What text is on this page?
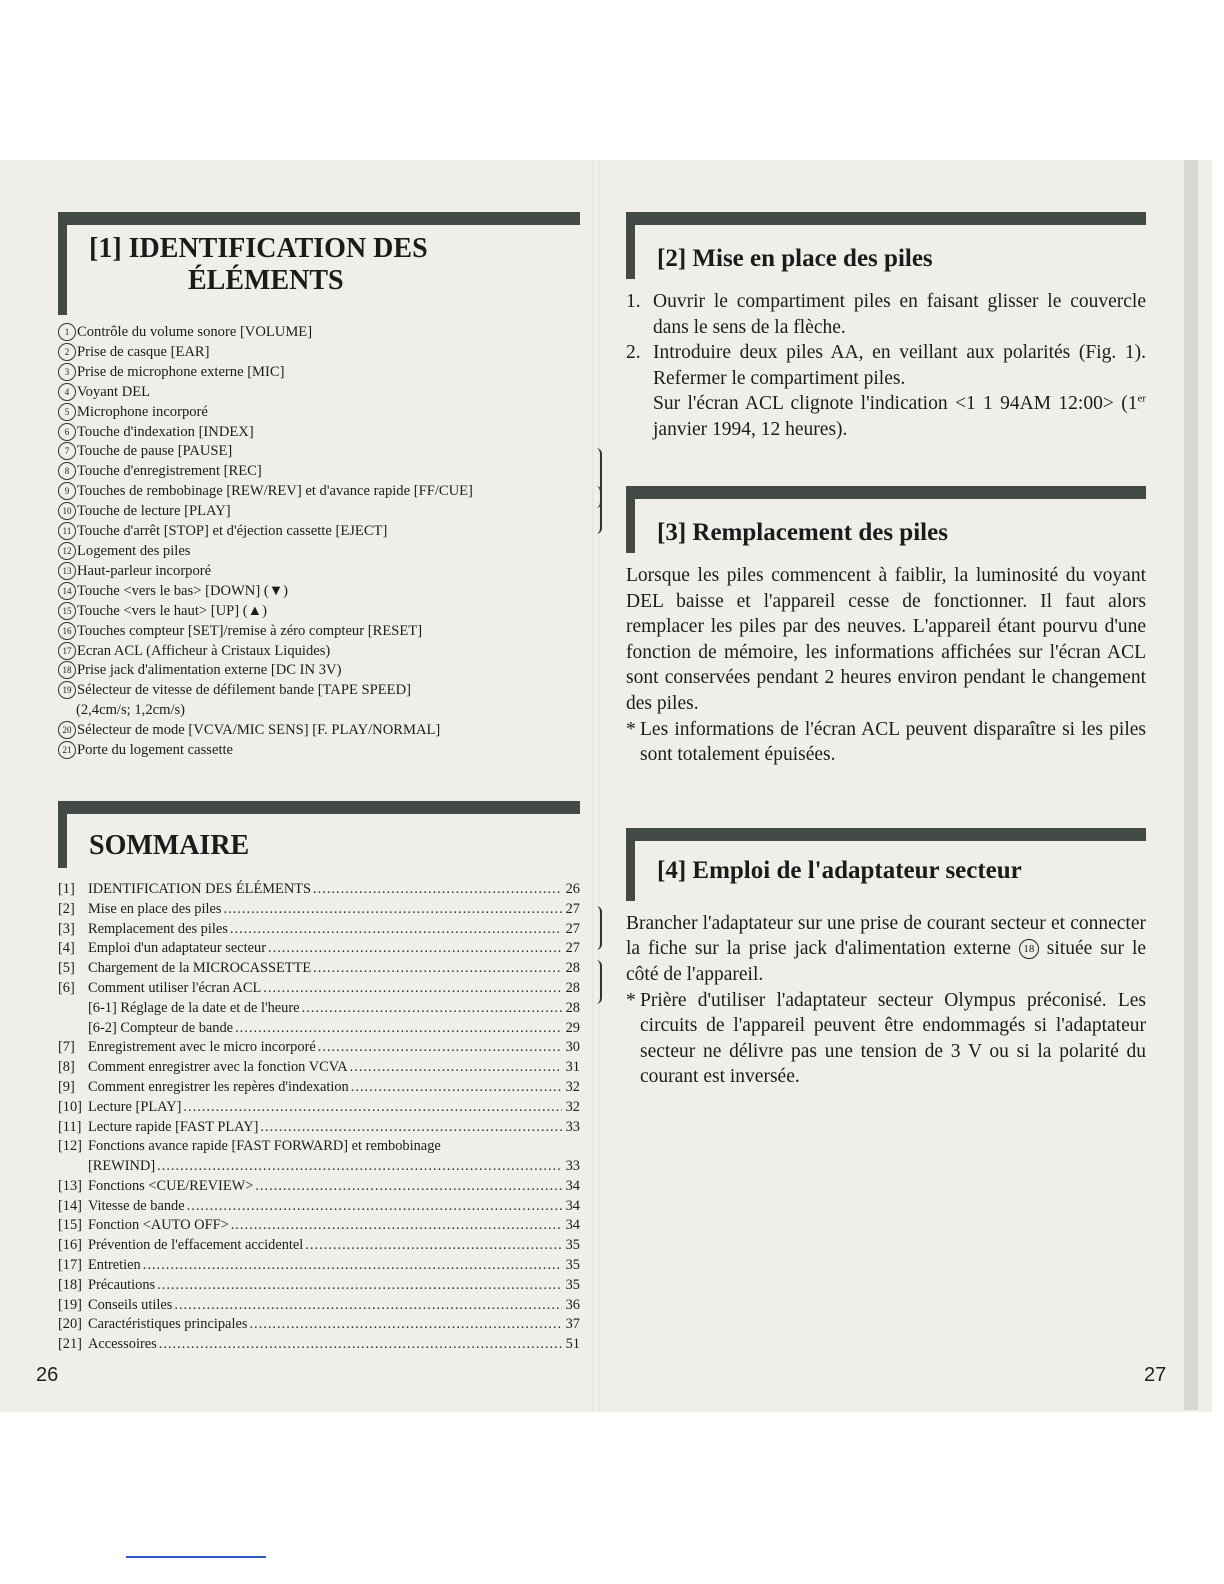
[1] IDENTIFICATION DES
ÉLÉMENTS
1 Contrôle du volume sonore [VOLUME]
2 Prise de casque [EAR]
3 Prise de microphone externe [MIC]
4 Voyant DEL
5 Microphone incorporé
6 Touche d'indexation [INDEX]
7 Touche de pause [PAUSE]
8 Touche d'enregistrement [REC]
9 Touches de rembobinage [REW/REV] et d'avance rapide [FF/CUE]
10 Touche de lecture [PLAY]
11 Touche d'arrêt [STOP] et d'éjection cassette [EJECT]
12 Logement des piles
13 Haut-parleur incorporé
14 Touche <vers le bas> [DOWN] (▼)
15 Touche <vers le haut> [UP] (▲)
16 Touches compteur [SET]/remise à zéro compteur [RESET]
17 Ecran ACL (Afficheur à Cristaux Liquides)
18 Prise jack d'alimentation externe [DC IN 3V)
19 Sélecteur de vitesse de défilement bande [TAPE SPEED]
(2,4cm/s; 1,2cm/s)
20 Sélecteur de mode [VCVA/MIC SENS] [F. PLAY/NORMAL]
21 Porte du logement cassette
SOMMAIRE
[1] IDENTIFICATION DES ÉLÉMENTS .....	26
[2] Mise en place des piles .....	27
[3] Remplacement des piles .....	27
[4] Emploi d'un adaptateur secteur .....	27
[5] Chargement de la MICROCASSETTE .....	28
[6] Comment utiliser l'écran ACL .....	28
[6-1] Réglage de la date et de l'heure .....	28
[6-2] Compteur de bande .....	29
[7] Enregistrement avec le micro incorporé .....	30
[8] Comment enregistrer avec la fonction VCVA .....	31
[9] Comment enregistrer les repères d'indexation .....	32
[10] Lecture [PLAY] .....	32
[11] Lecture rapide [FAST PLAY] .....	33
[12] Fonctions avance rapide [FAST FORWARD] et rembobinage
[REWIND] .....	33
[13] Fonctions <CUE/REVIEW> .....	34
[14] Vitesse de bande .....	34
[15] Fonction <AUTO OFF> .....	34
[16] Prévention de l'effacement accidentel .....	35
[17] Entretien .....	35
[18] Précautions .....	35
[19] Conseils utiles .....	36
[20] Caractéristiques principales .....	37
[21] Accessoires .....	51
26
[2] Mise en place des piles
1. Ouvrir le compartiment piles en faisant glisser le couvercle dans le sens de la flèche.
2. Introduire deux piles AA, en veillant aux polarités (Fig. 1). Refermer le compartiment piles.
Sur l'écran ACL clignote l'indication <1 1 94AM 12:00> (1er janvier 1994, 12 heures).
[3] Remplacement des piles

Lorsque les piles commencent à faiblir, la luminosité du voyant DEL baisse et l'appareil cesse de fonctionner. Il faut alors remplacer les piles par des neuves. L'appareil étant pourvu d'une fonction de mémoire, les informations affichées sur l'écran ACL sont conservées pendant 2 heures environ pendant le changement des piles.

* Les informations de l'écran ACL peuvent disparaître si les piles sont totalement épuisées.

[4] Emploi de l'adaptateur secteur

Brancher l'adaptateur sur une prise de courant secteur et connecter la fiche sur la prise jack d'alimentation externe 18 située sur le côté de l'appareil.

* Prière d'utiliser l'adaptateur secteur Olympus préconisé. Les circuits de l'appareil peuvent être endommagés si l'adaptateur secteur ne délivre pas une tension de 3 V ou si la polarité du courant est inversée.

27
